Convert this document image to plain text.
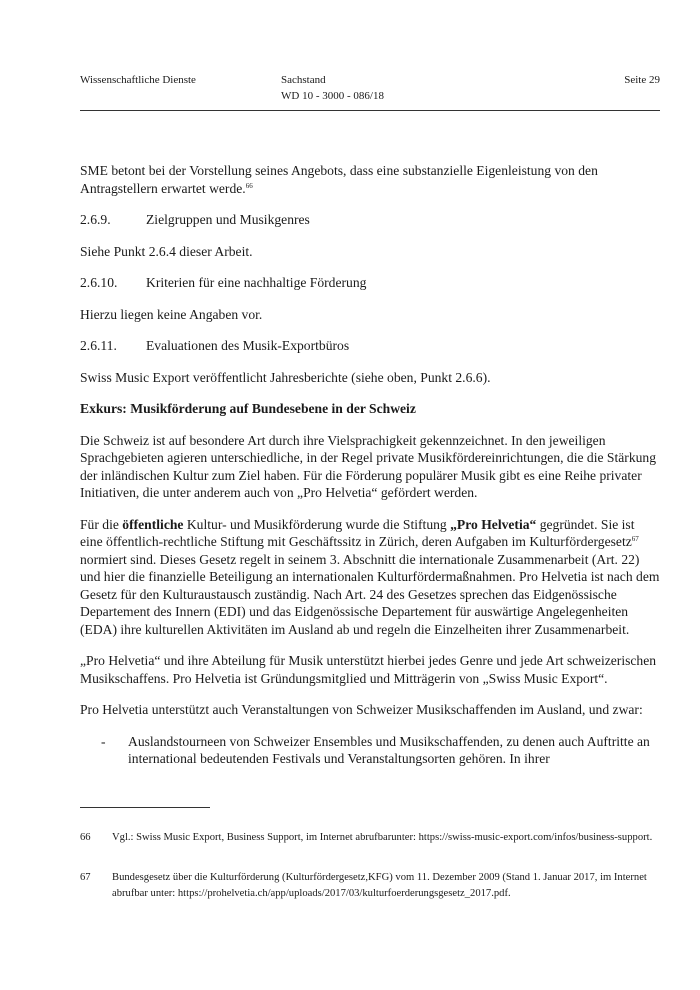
Wissenschaftliche Dienste	Sachstand
WD 10 - 3000 - 086/18
Seite 29

SME betont bei der Vorstellung seines Angebots, dass eine substanzielle Eigenleistung von den Antragstellern erwartet werde.$^{66}$

2.6.9.	Zielgruppen und Musikgenres

Siehe Punkt 2.6.4 dieser Arbeit.

2.6.10. Kriterien für eine nachhaltige Förderung

Hierzu liegen keine Angaben vor.

2.6.11. Evaluationen des Musik-Exportbüros

Swiss Music Export veröffentlicht Jahresberichte (siehe oben, Punkt 2.6.6).

Exkurs: Musikförderung auf Bundesebene in der Schweiz

Die Schweiz ist auf besondere Art durch ihre Vielsprachigkeit gekennzeichnet. In den jeweiligen Sprachgebieten agieren unterschiedliche, in der Regel private Musikfördereinrichtungen, die die Stärkung der inländischen Kultur zum Ziel haben. Für die Förderung populärer Musik gibt es eine Reihe privater Initiativen, die unter anderem auch von „Pro Helvetia“ gefördert werden.

Für die öffentliche Kultur- und Musikförderung wurde die Stiftung „Pro Helvetia“ gegründet. Sie ist eine öffentlich-rechtliche Stiftung mit Geschäftssitz in Zürich, deren Aufgaben im Kulturfördergesetz$^{67}$ normiert sind. Dieses Gesetz regelt in seinem 3. Abschnitt die internationale Zusammenarbeit (Art. 22) und hier die finanzielle Beteiligung an internationalen Kulturfördermaßnahmen. Pro Helvetia ist nach dem Gesetz für den Kulturaustausch zuständig. Nach Art. 24 des Gesetzes sprechen das Eidgenössische Departement des Innern (EDI) und das Eidgenössische Departement für auswärtige Angelegenheiten (EDA) ihre kulturellen Aktivitäten im Ausland ab und regeln die Einzelheiten ihrer Zusammenarbeit.

„Pro Helvetia“ und ihre Abteilung für Musik unterstützt hierbei jedes Genre und jede Art schweizerischen Musikschaffens. Pro Helvetia ist Gründungsmitglied und Mitträgerin von „Swiss Music Export“.

Pro Helvetia unterstützt auch Veranstaltungen von Schweizer Musikschaffenden im Ausland, und zwar:

- Auslandstourneen von Schweizer Ensembles und Musikschaffenden, zu denen auch Auftritte an international bedeutenden Festivals und Veranstaltungsorten gehören. In ihrer
66 Vgl.: Swiss Music Export, Business Support, im Internet abrufbarunter: https://swiss-music-export.com/infos/business-support.
67 Bundesgesetz über die Kulturförderung (Kulturfördergesetz,KFG) vom 11. Dezember 2009 (Stand 1. Januar 2017, im Internet abrufbar unter: https://prohelvetia.ch/app/uploads/2017/03/kulturfoerderungsgesetz_2017.pdf.
